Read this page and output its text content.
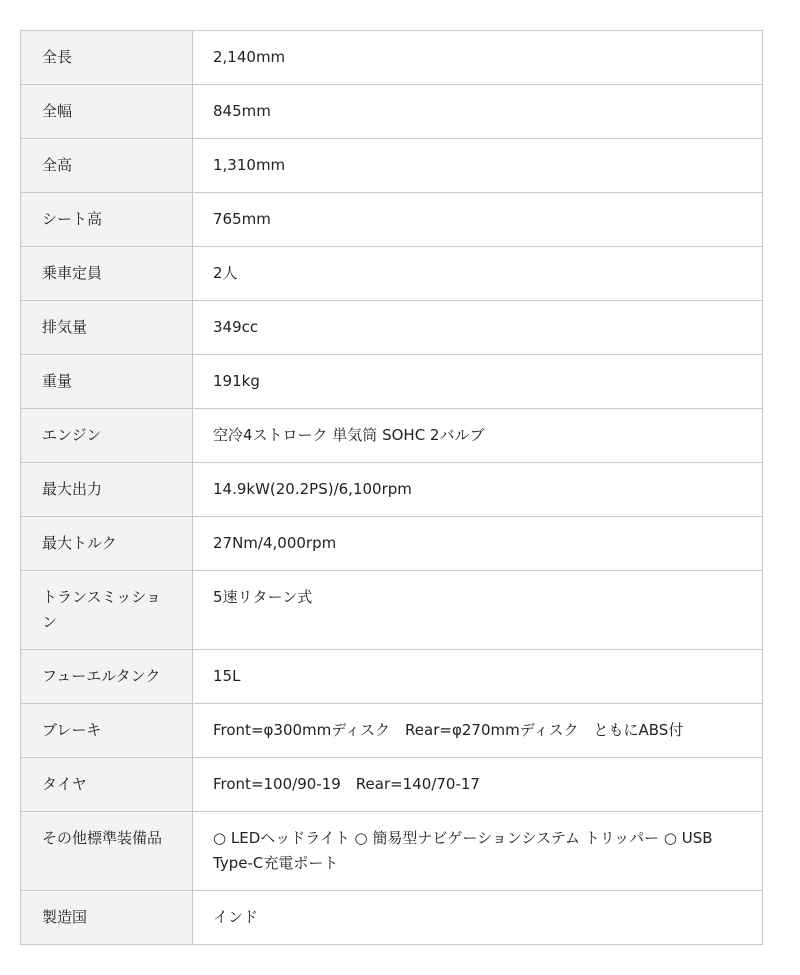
全長	2,140mm
全幅	845mm
全高	1,310mm
シート高	765mm
乗車定員	2人
排気量	349cc
重量	191kg
エンジン	空冷4ストローク 単気筒 SOHC 2バルブ
最大出力	14.9kW(20.2PS)/6,100rpm
最大トルク	27Nm/4,000rpm
トランスミッション	5速リターン式
フューエルタンク	15L
ブレーキ	Front=φ300mmディスク　Rear=φ270mmディスク　ともにABS付
タイヤ	Front=100/90-19　Rear=140/70-17
その他標準装備品	○ LEDヘッドライト ○ 簡易型ナビゲーションシステム トリッパー ○ USB Type-C充電ポート
製造国	インド
